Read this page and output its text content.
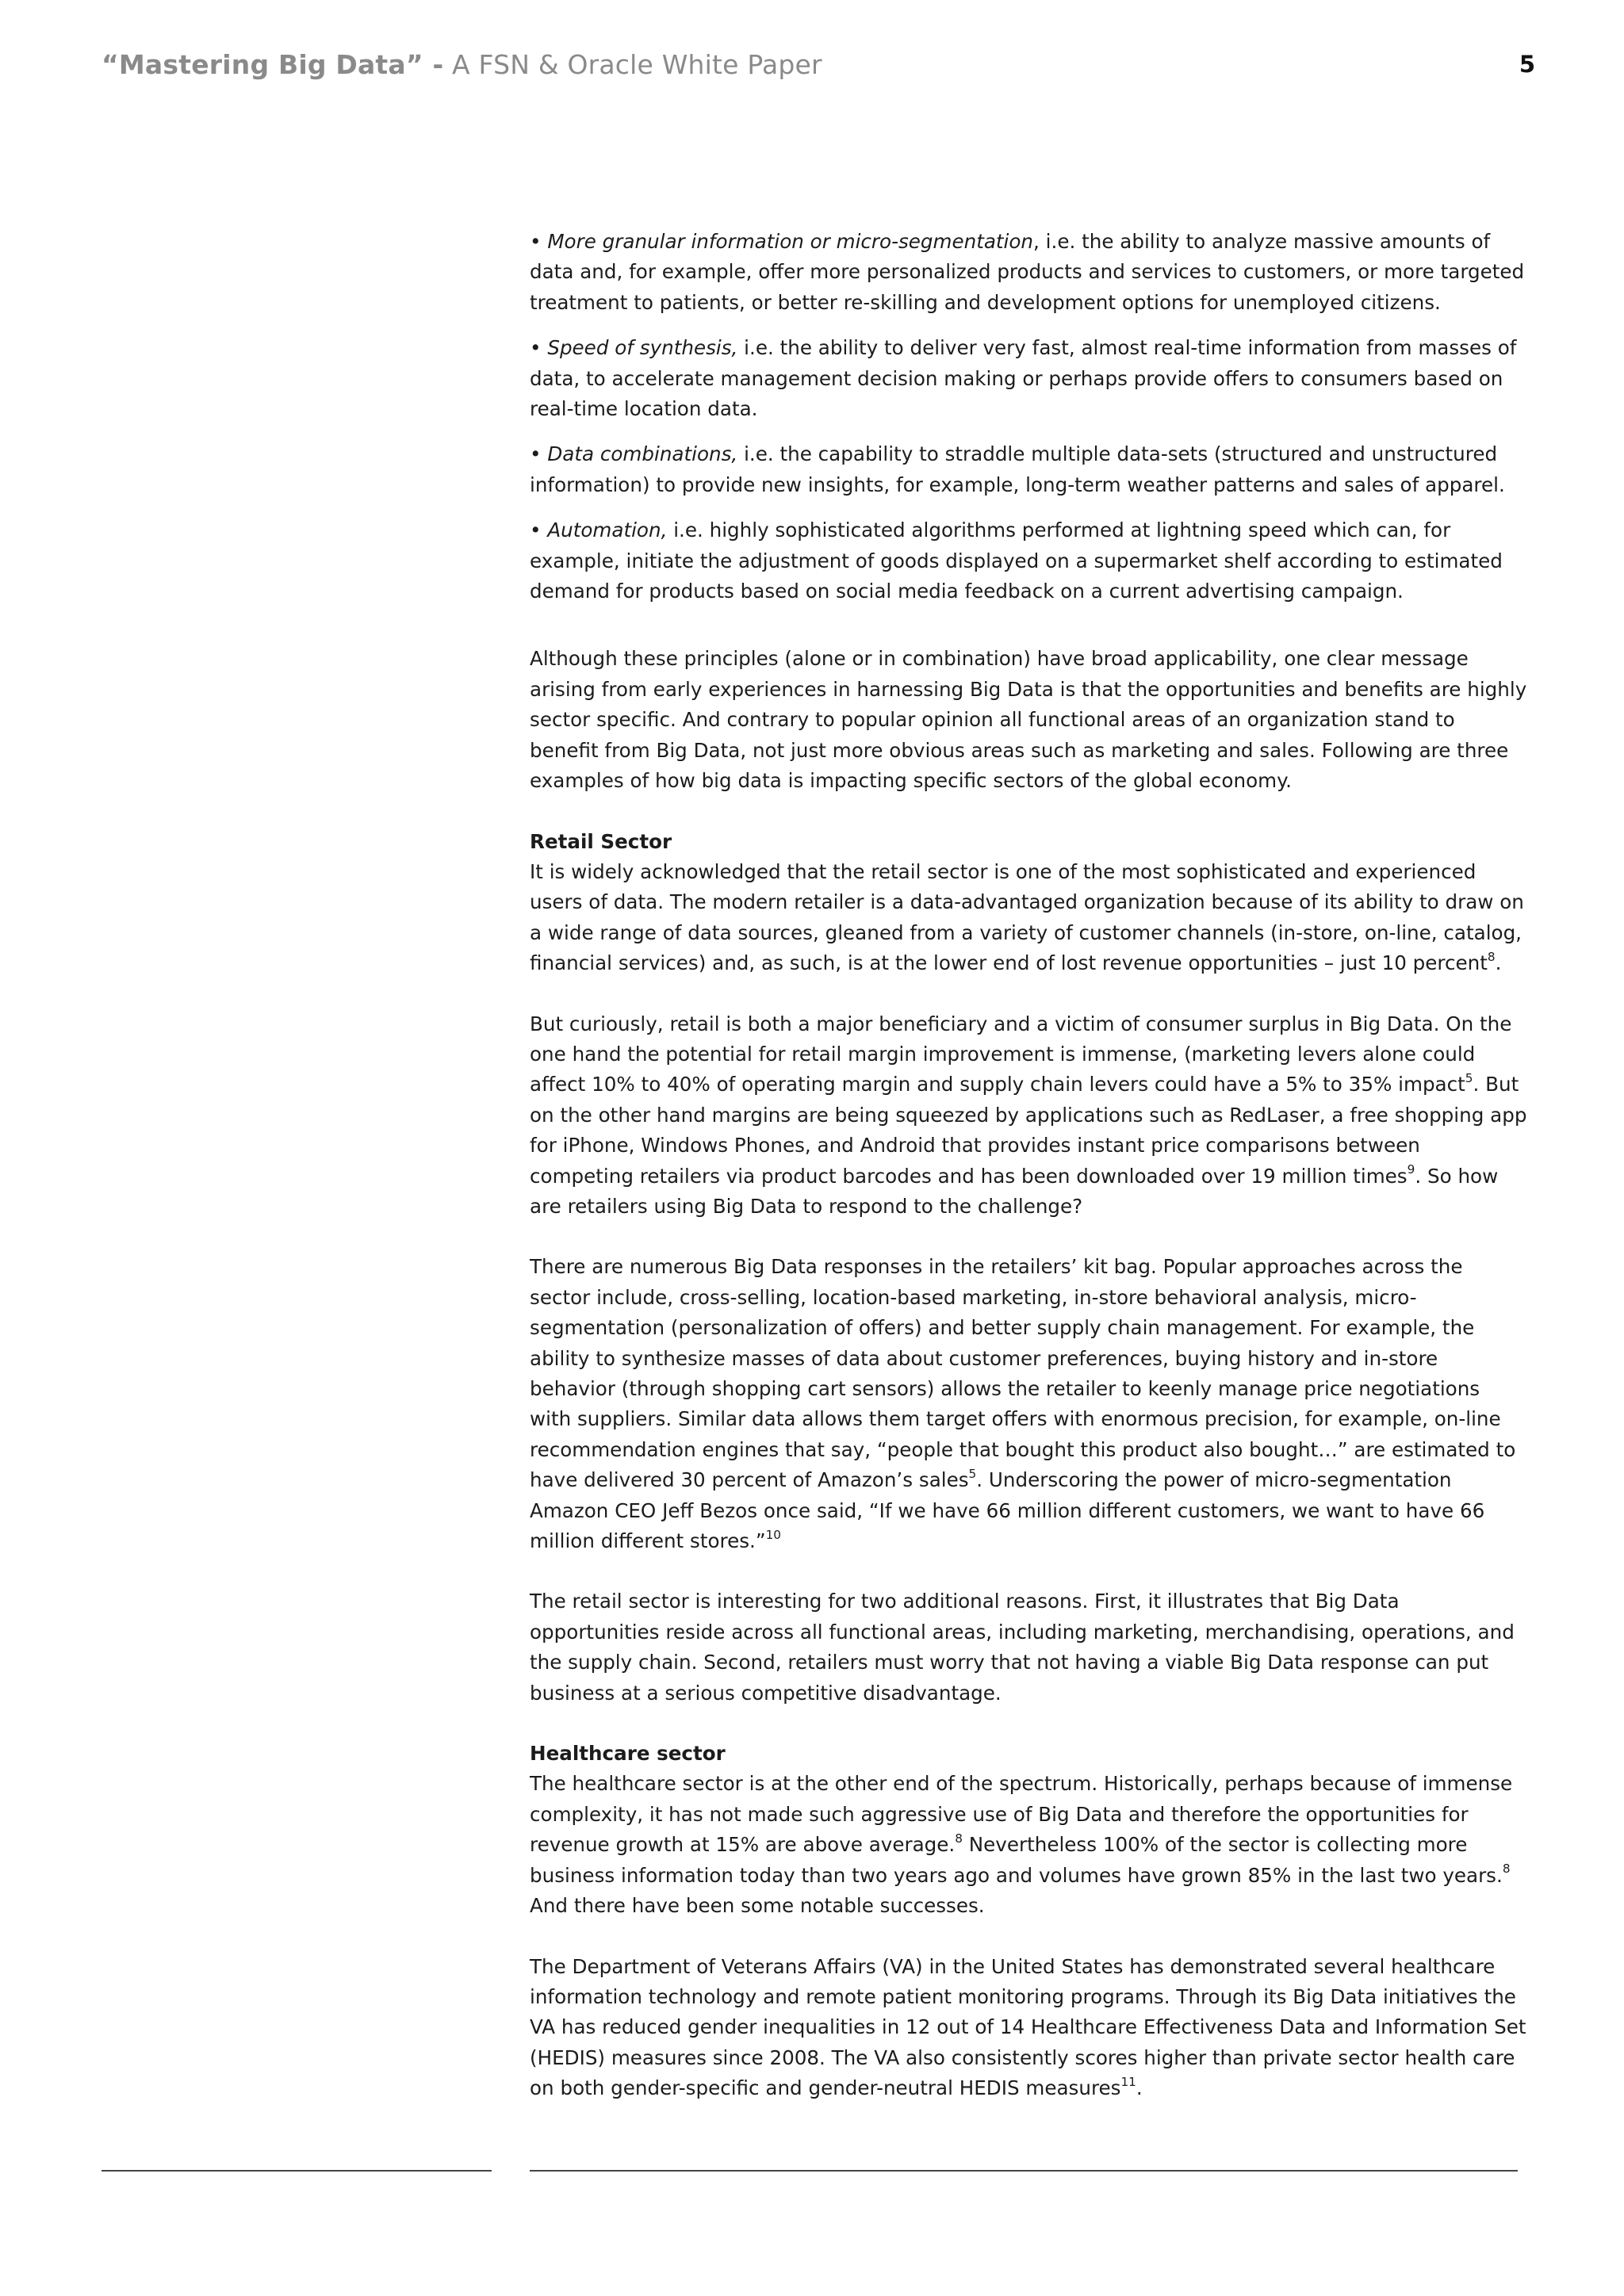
“Mastering Big Data” - A FSN & Oracle White Paper	5

• More granular information or micro-segmentation, i.e. the ability to analyze massive amounts of data and, for example, offer more personalized products and services to customers, or more targeted treatment to patients, or better re-skilling and development options for unemployed citizens.

• Speed of synthesis, i.e. the ability to deliver very fast, almost real-time information from masses of data, to accelerate management decision making or perhaps provide offers to consumers based on real-time location data.

• Data combinations, i.e. the capability to straddle multiple data-sets (structured and unstructured information) to provide new insights, for example, long-term weather patterns and sales of apparel.

• Automation, i.e. highly sophisticated algorithms performed at lightning speed which can, for example, initiate the adjustment of goods displayed on a supermarket shelf according to estimated demand for products based on social media feedback on a current advertising campaign.

Although these principles (alone or in combination) have broad applicability, one clear message arising from early experiences in harnessing Big Data is that the opportunities and benefits are highly sector specific. And contrary to popular opinion all functional areas of an organization stand to benefit from Big Data, not just more obvious areas such as marketing and sales. Following are three examples of how big data is impacting specific sectors of the global economy.

Retail Sector

It is widely acknowledged that the retail sector is one of the most sophisticated and experienced users of data. The modern retailer is a data-advantaged organization because of its ability to draw on a wide range of data sources, gleaned from a variety of customer channels (in-store, on-line, catalog, financial services) and, as such, is at the lower end of lost revenue opportunities – just 10 percent$^8$.

But curiously, retail is both a major beneficiary and a victim of consumer surplus in Big Data. On the one hand the potential for retail margin improvement is immense, (marketing levers alone could affect 10% to 40% of operating margin and supply chain levers could have a 5% to 35% impact$^5$. But on the other hand margins are being squeezed by applications such as RedLaser, a free shopping app for iPhone, Windows Phones, and Android that provides instant price comparisons between competing retailers via product barcodes and has been downloaded over 19 million times$^9$. So how are retailers using Big Data to respond to the challenge?

There are numerous Big Data responses in the retailers’ kit bag. Popular approaches across the sector include, cross-selling, location-based marketing, in-store behavioral analysis, micro-segmentation (personalization of offers) and better supply chain management. For example, the ability to synthesize masses of data about customer preferences, buying history and in-store behavior (through shopping cart sensors) allows the retailer to keenly manage price negotiations with suppliers. Similar data allows them target offers with enormous precision, for example, on-line recommendation engines that say, “people that bought this product also bought…” are estimated to have delivered 30 percent of Amazon’s sales$^5$. Underscoring the power of micro-segmentation Amazon CEO Jeff Bezos once said, “If we have 66 million different customers, we want to have 66 million different stores.”$^{10}$

The retail sector is interesting for two additional reasons. First, it illustrates that Big Data opportunities reside across all functional areas, including marketing, merchandising, operations, and the supply chain. Second, retailers must worry that not having a viable Big Data response can put business at a serious competitive disadvantage.

Healthcare sector

The healthcare sector is at the other end of the spectrum. Historically, perhaps because of immense complexity, it has not made such aggressive use of Big Data and therefore the opportunities for revenue growth at 15% are above average.$^8$ Nevertheless 100% of the sector is collecting more business information today than two years ago and volumes have grown 85% in the last two years.$^8$ And there have been some notable successes.

The Department of Veterans Affairs (VA) in the United States has demonstrated several healthcare information technology and remote patient monitoring programs. Through its Big Data initiatives the VA has reduced gender inequalities in 12 out of 14 Healthcare Effectiveness Data and Information Set (HEDIS) measures since 2008. The VA also consistently scores higher than private sector health care on both gender-specific and gender-neutral HEDIS measures$^{11}$.
